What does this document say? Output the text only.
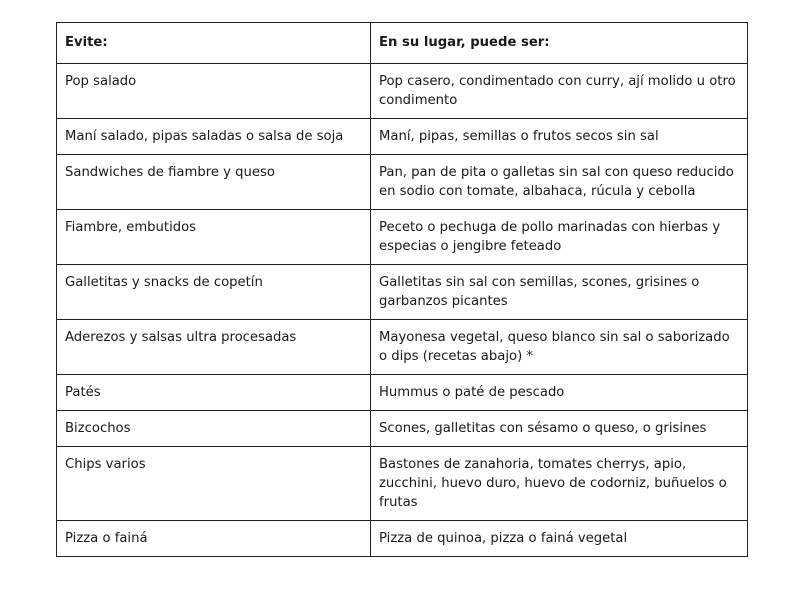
Evite:	En su lugar, puede ser:
Pop salado	Pop casero, condimentado con curry, ají molido u otro condimento
Maní salado, pipas saladas o salsa de soja	Maní, pipas, semillas o frutos secos sin sal
Sandwiches de fiambre y queso	Pan, pan de pita o galletas sin sal con queso reducido en sodio con tomate, albahaca, rúcula y cebolla
Fiambre, embutidos	Peceto o pechuga de pollo marinadas con hierbas y especias o jengibre feteado
Galletitas y snacks de copetín	Galletitas sin sal con semillas, scones, grisines o garbanzos picantes
Aderezos y salsas ultra procesadas	Mayonesa vegetal, queso blanco sin sal o saborizado o dips (recetas abajo) *
Patés	Hummus o paté de pescado
Bizcochos	Scones, galletitas con sésamo o queso, o grisines
Chips varios	Bastones de zanahoria, tomates cherrys, apio, zucchini, huevo duro, huevo de codorniz, buñuelos o frutas
Pizza o fainá	Pizza de quinoa, pizza o fainá vegetal
